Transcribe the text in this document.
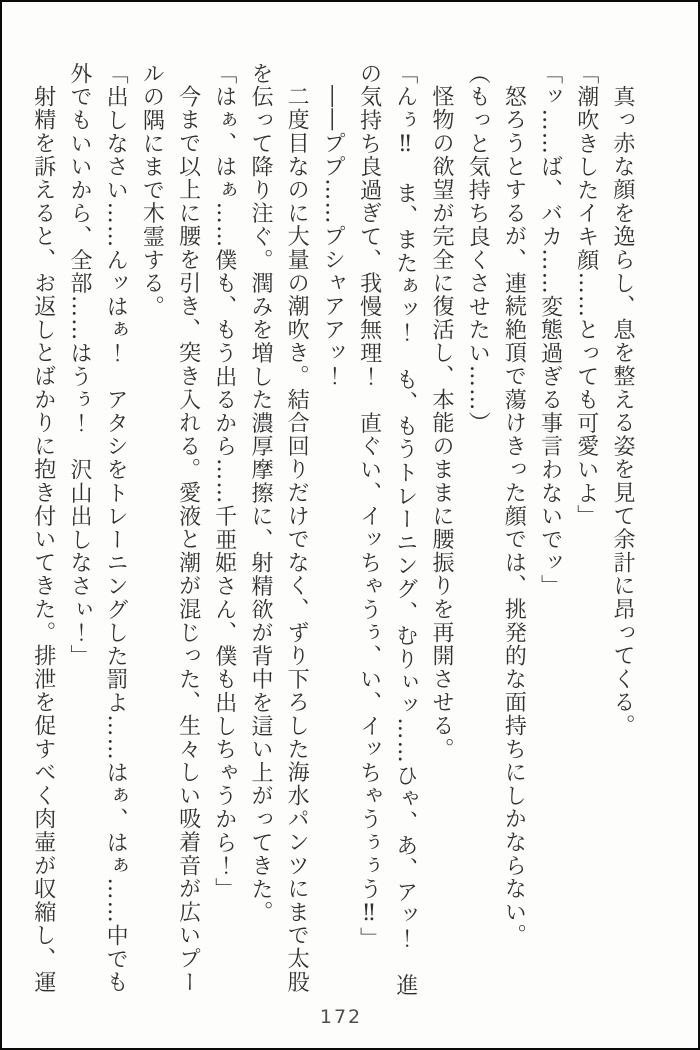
真っ赤な顔を逸らし、息を整える姿を見て余計に昂ってくる。

「潮吹きしたイキ顔……とっても可愛いよ」

「ッ……ば、バカ……変態過ぎる事言わないでッ」

怒ろうとするが、連続絶頂で蕩けきった顔では、挑発的な面持ちにしかならない。

（もっと気持ち良くさせたい……）

怪物の欲望が完全に復活し、本能のままに腰振りを再開させる。

「んぅ‼　ま、またぁッ！　も、もうトレーニング、むりぃッ……ひゃ、あ、アッ！　進

の気持ち良過ぎて、我慢無理！　直ぐい、イッちゃうぅ、い、イッちゃうぅぅう‼」

――ププ……プシャアアッ！

二度目なのに大量の潮吹き。結合回りだけでなく、ずり下ろした海水パンツにまで太股

を伝って降り注ぐ。潤みを増した濃厚摩擦に、射精欲が背中を這い上がってきた。

「はぁ、はぁ……僕も、もう出るから……千亜姫さん、僕も出しちゃうから！」

今まで以上に腰を引き、突き入れる。愛液と潮が混じった、生々しい吸着音が広いプー

ルの隅にまで木霊する。

「出しなさい……んッはぁ！　アタシをトレーニングした罰よ……はぁ、はぁ……中でも

外でもいいから、全部……はうぅ！　沢山出しなさぃ！」

射精を訴えると、お返しとばかりに抱き付いてきた。排泄を促すべく肉壷が収縮し、運

172
